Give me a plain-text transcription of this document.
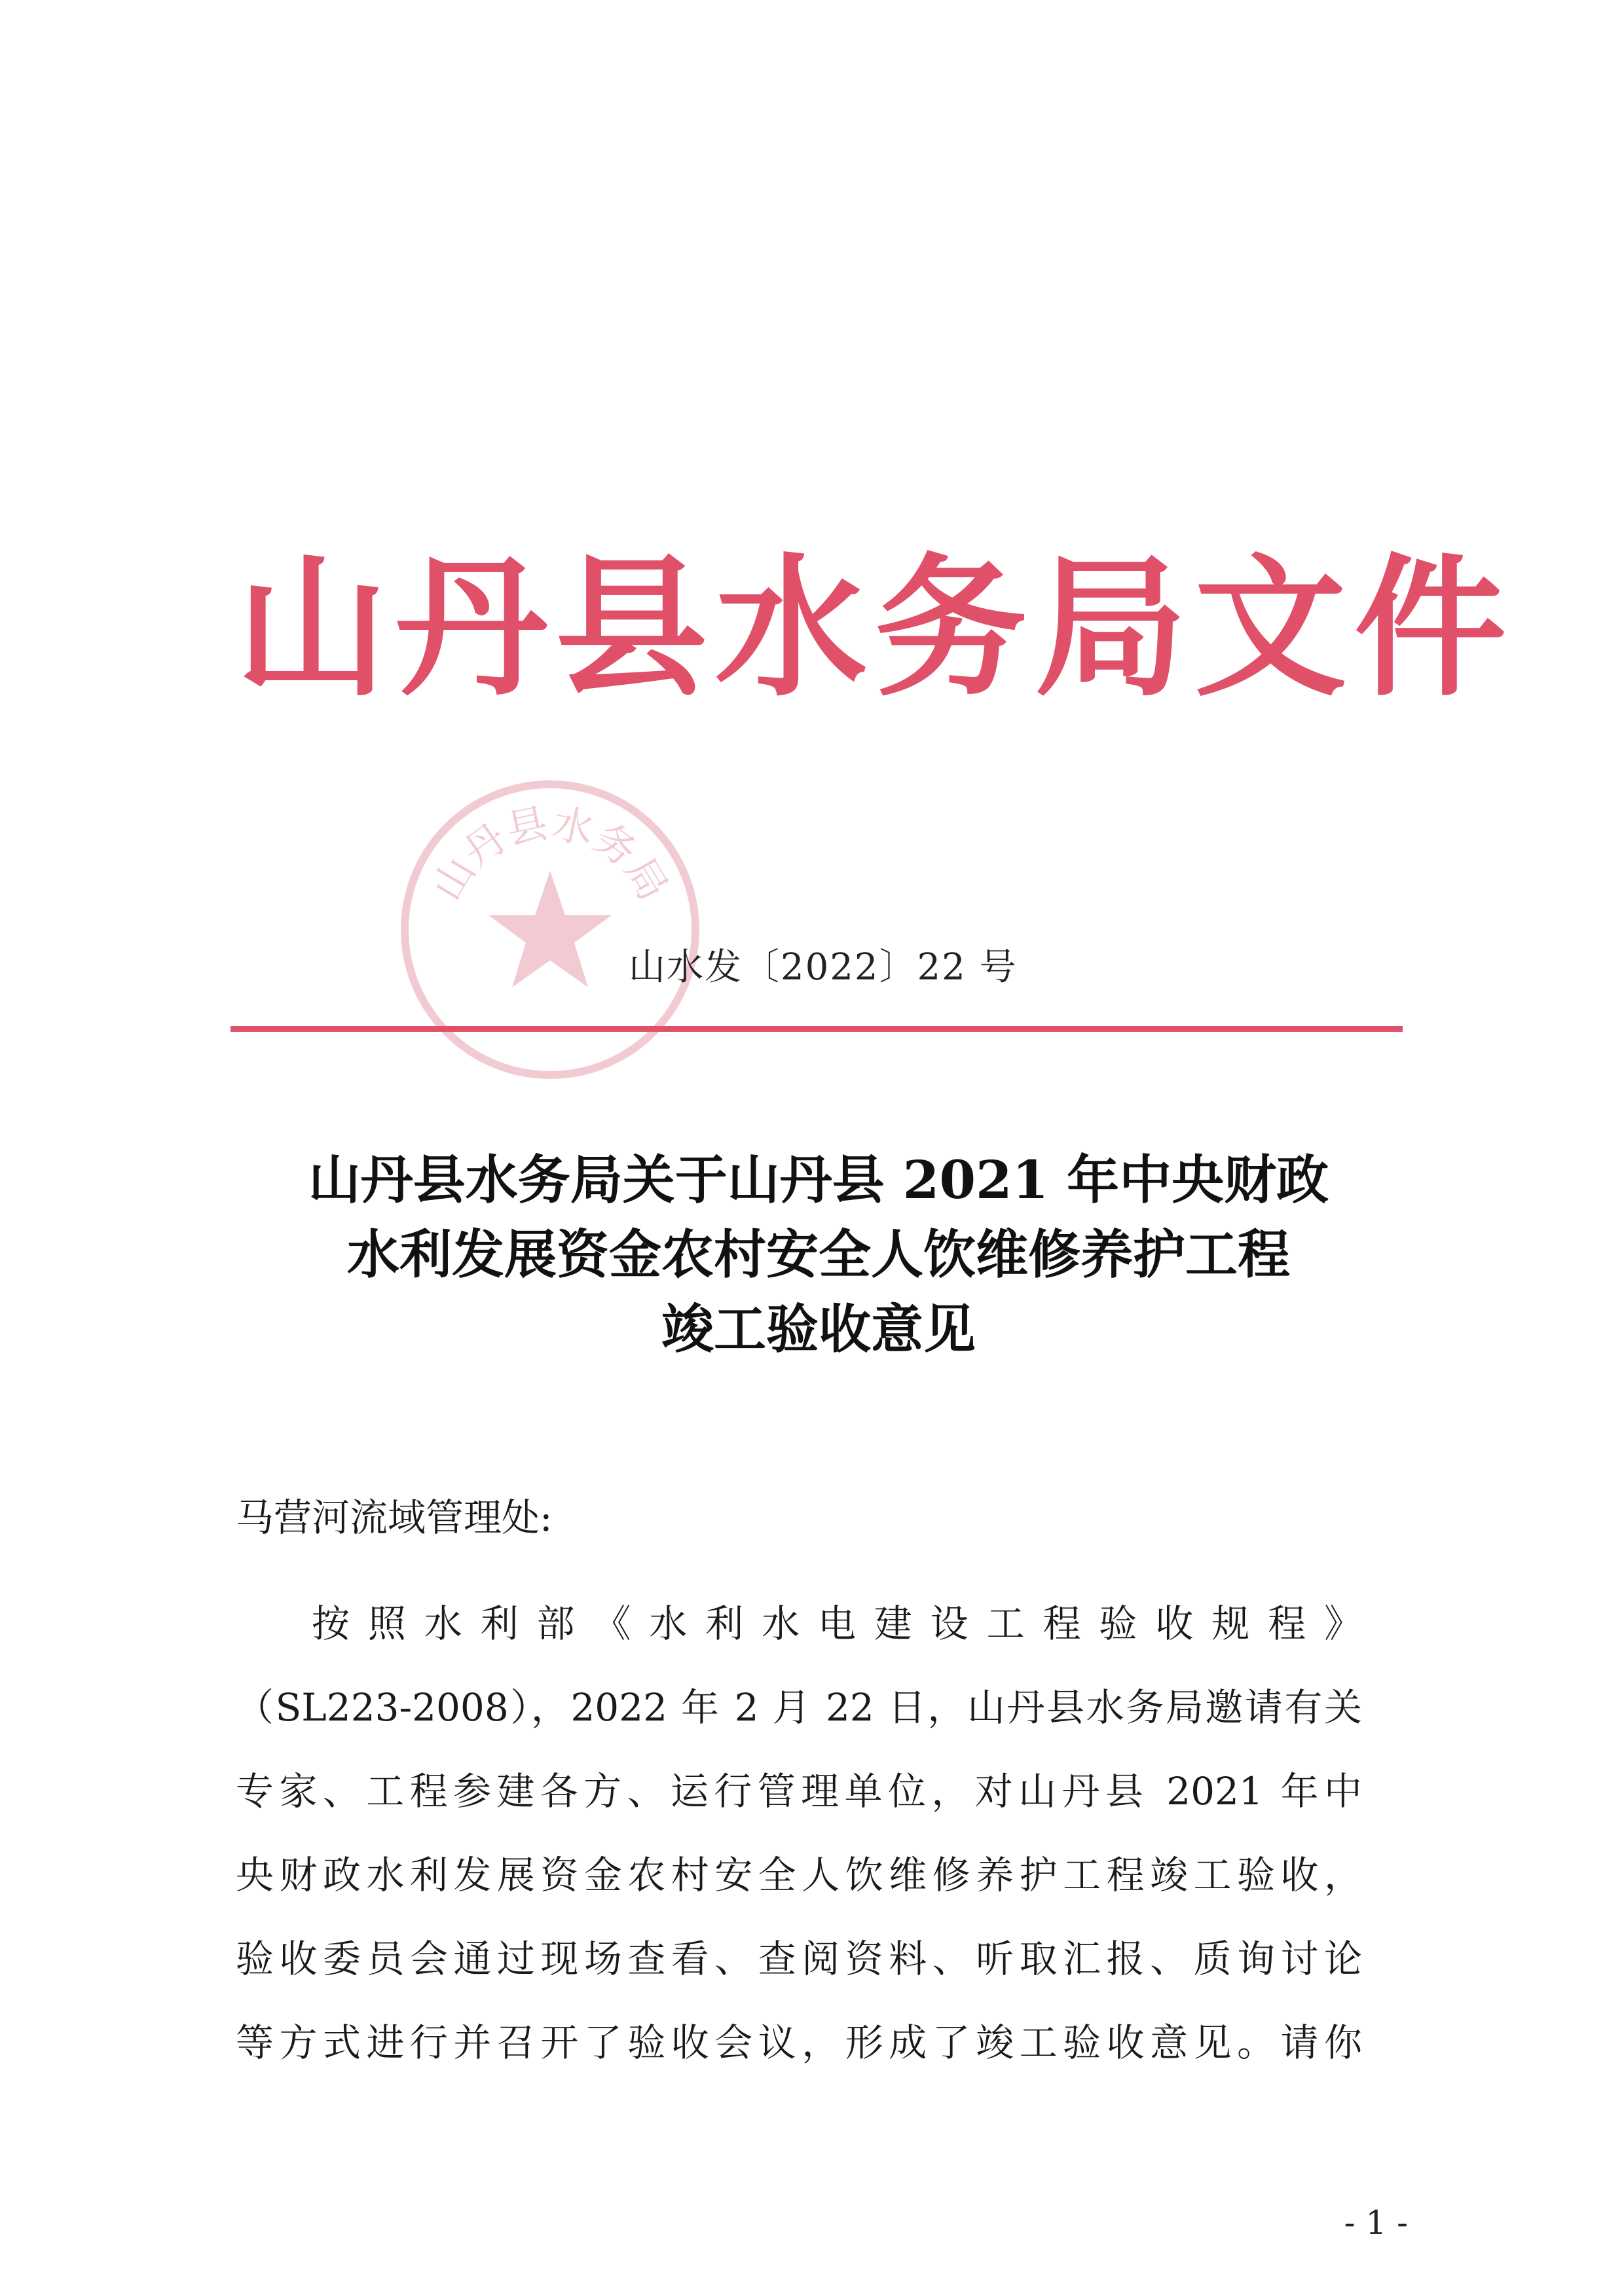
山丹县水务局文件
山丹县水务局
山水发〔2022〕22 号
山丹县水务局关于山丹县 2021 年中央财政
水利发展资金农村安全人饮维修养护工程
竣工验收意见
马营河流域管理处:
按照水利部《水利水电建设工程验收规程》
（SL223-2008），2022 年 2 月 22 日，山丹县水务局邀请有关
专家、工程参建各方、运行管理单位，对山丹县 2021 年中
央财政水利发展资金农村安全人饮维修养护工程竣工验收，
验收委员会通过现场查看、查阅资料、听取汇报、质询讨论
等方式进行并召开了验收会议，形成了竣工验收意见。请你
- 1 -
